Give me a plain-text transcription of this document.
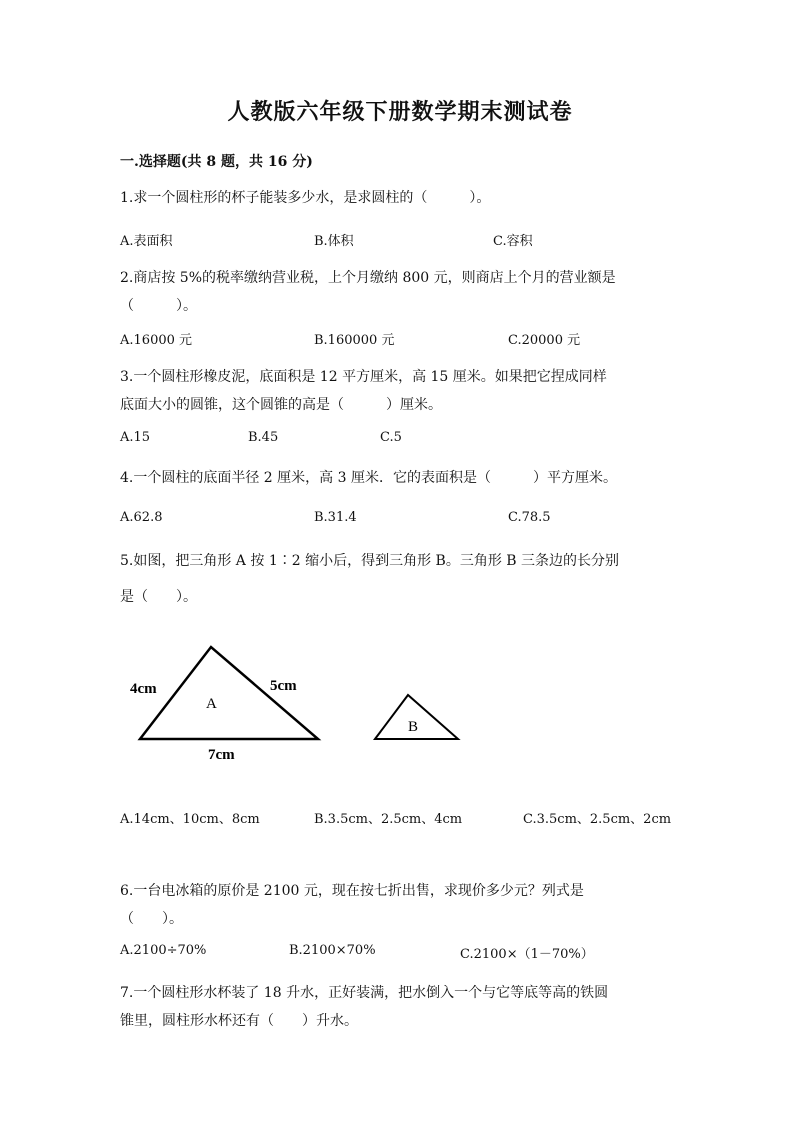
人教版六年级下册数学期末测试卷
一.选择题(共 8 题，共 16 分)
1.求一个圆柱形的杯子能装多少水，是求圆柱的（　　　）。
A.表面积	B.体积	C.容积
2.商店按 5%的税率缴纳营业税，上个月缴纳 800 元，则商店上个月的营业额是
（　　　）。
A.16000 元	B.160000 元	C.20000 元
3.一个圆柱形橡皮泥，底面积是 12 平方厘米，高 15 厘米。如果把它捏成同样
底面大小的圆锥，这个圆锥的高是（　　　）厘米。
A.15	B.45	C.5
4.一个圆柱的底面半径 2 厘米，高 3 厘米．它的表面积是（　　　）平方厘米。
A.62.8	B.31.4	C.78.5
5.如图，把三角形 A 按 1∶2 缩小后，得到三角形 B。三角形 B 三条边的长分别
是（　　）。
4cm	5cm
7cm
A
B
A.14cm、10cm、8cm	B.3.5cm、2.5cm、4cm	C.3.5cm、2.5cm、2cm
6.一台电冰箱的原价是 2100 元，现在按七折出售，求现价多少元？列式是
（　　）。
A.2100÷70%	B.2100×70%	C.2100×（1－70%）
7.一个圆柱形水杯装了 18 升水，正好装满，把水倒入一个与它等底等高的铁圆
锥里，圆柱形水杯还有（　　）升水。
